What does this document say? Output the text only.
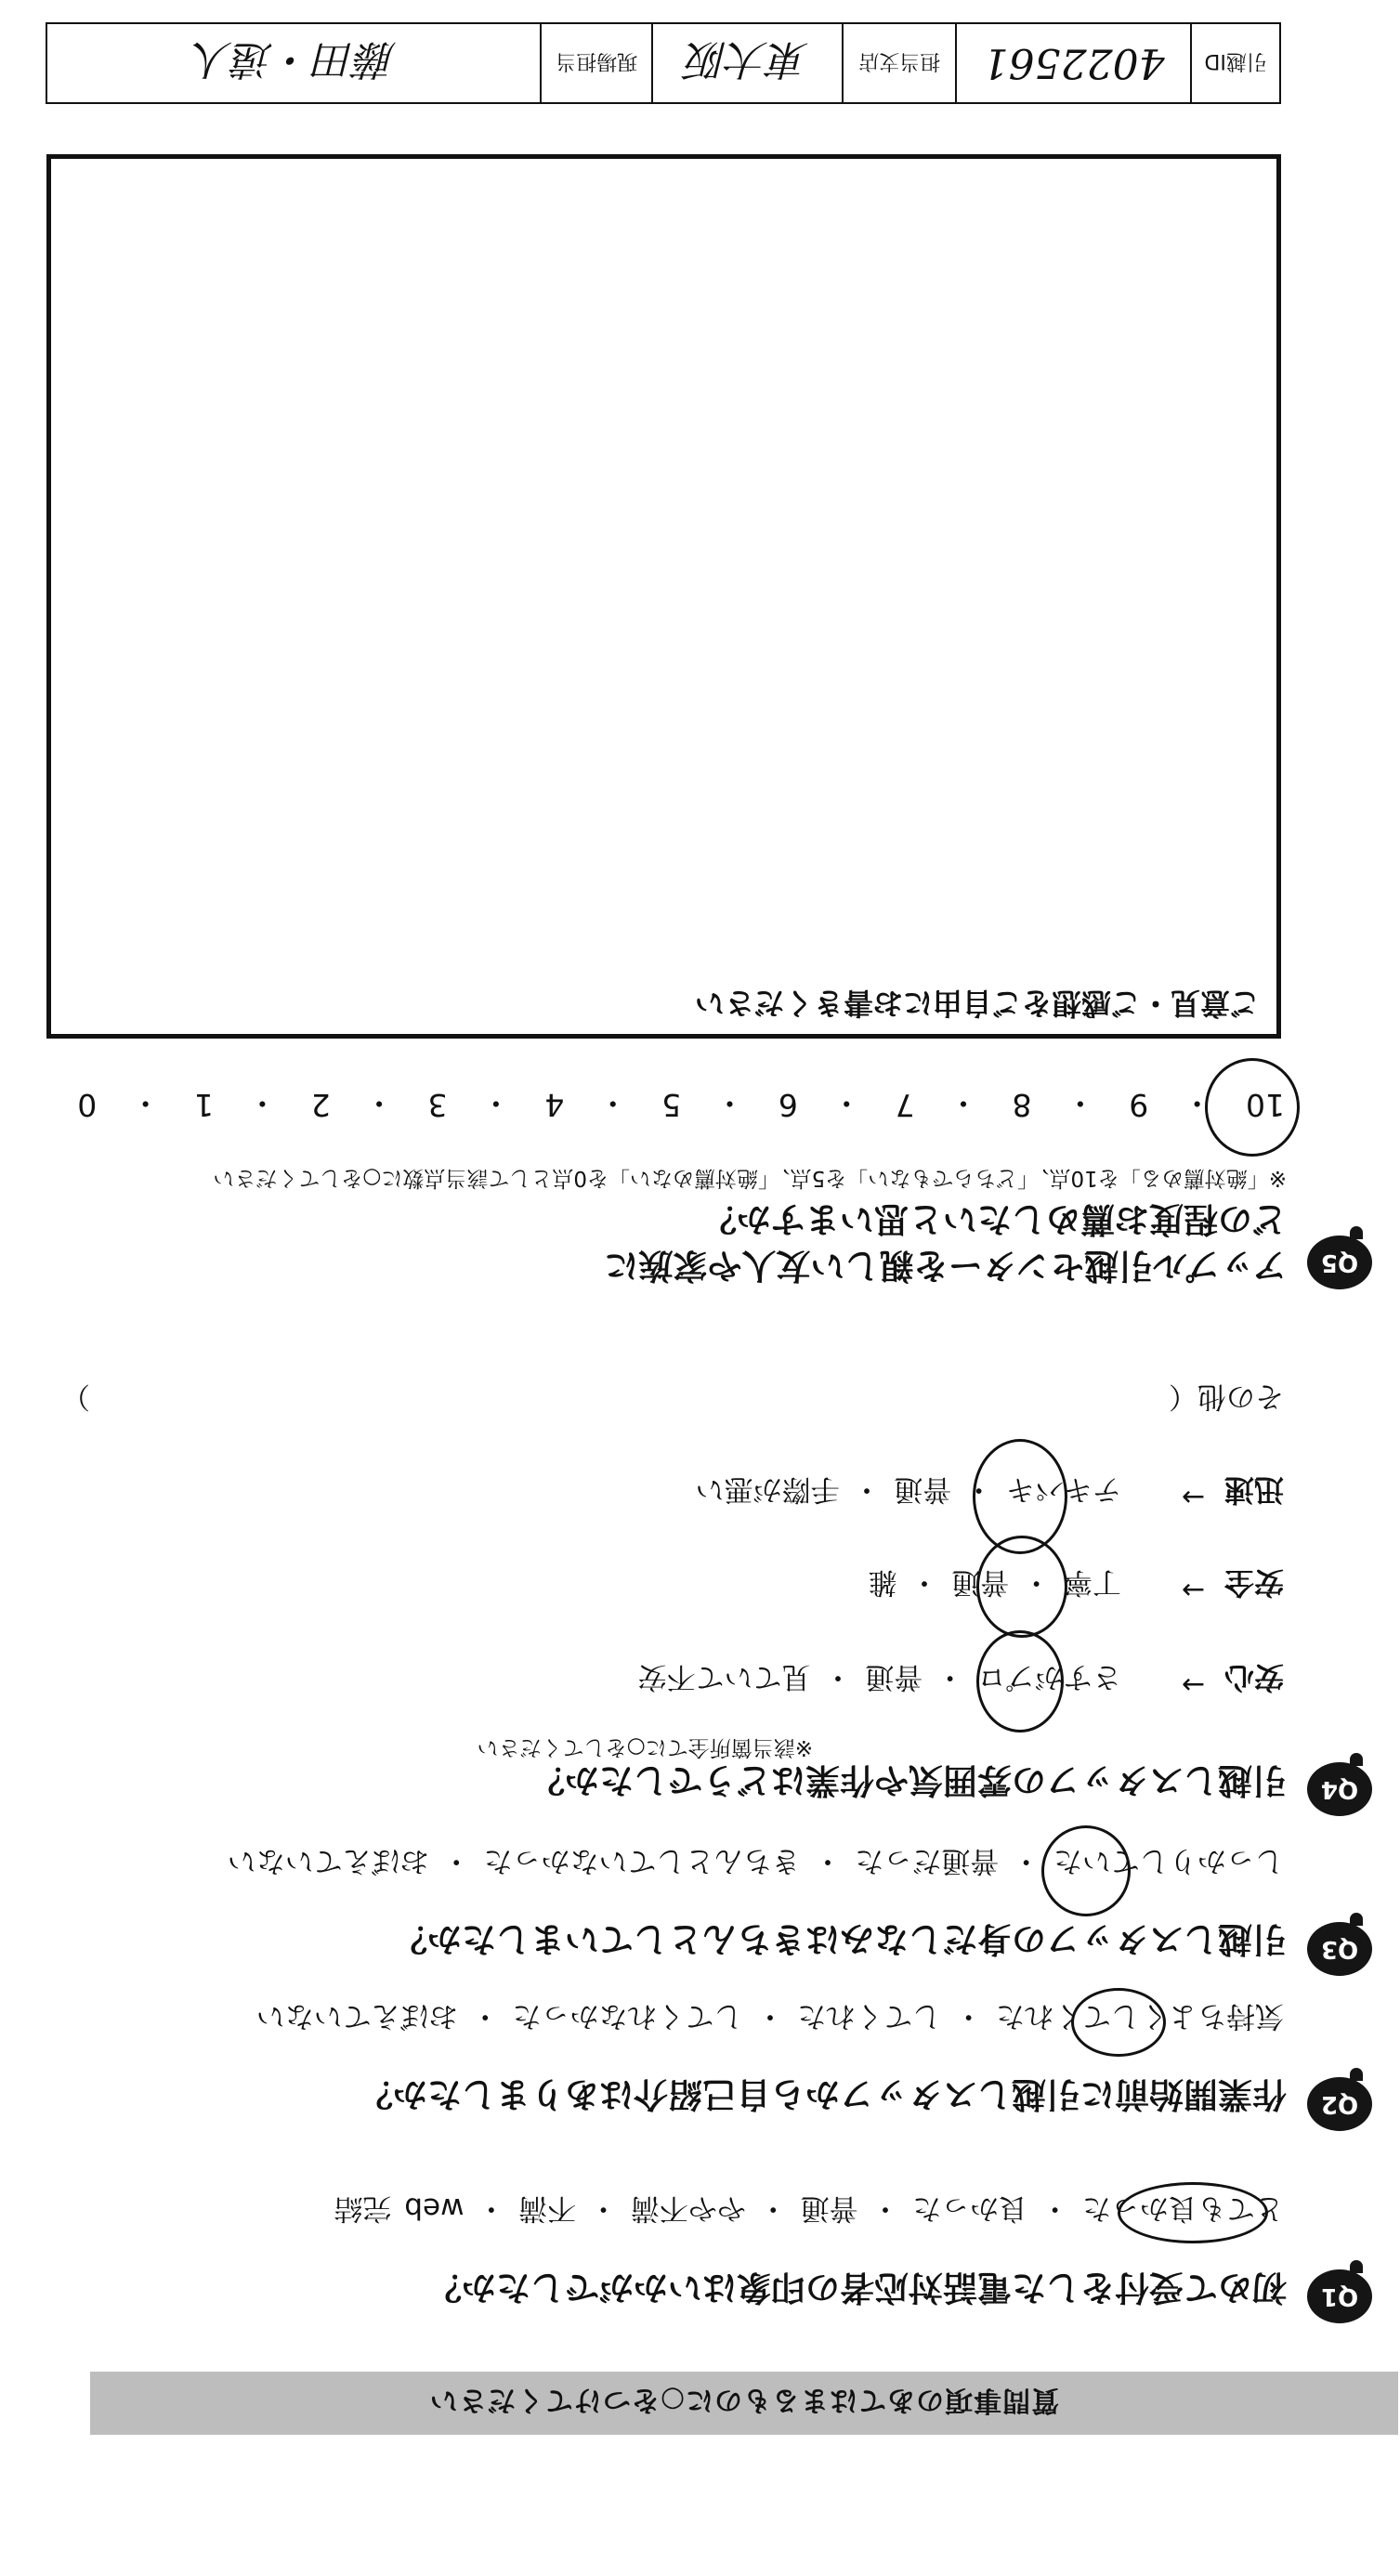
質問事項のあてはまるものに○をつけてください
Q1
初めて受付をした電話対応者の印象はいかがでしたか？
とても良かった ・ 良かった ・ 普通 ・ やや不満 ・ 不満 ・ web 完結
Q2
作業開始前に引越しスタッフから自己紹介はありましたか？
気持ちよくしてくれた ・ してくれた ・ してくれなかった ・ おぼえていない
Q3
引越しスタッフの身だしなみはきちんとしていましたか？
しっかりしていた ・ 普通だった ・ きちんとしていなかった ・ おぼえていない
Q4
引越しスタッフの雰囲気や作業はどうでしたか？
※該当箇所全てに○をしてください
安心
→
さすがプロ ・ 普通 ・ 見ていて不安
安全
→
丁寧 ・ 普通 ・ 雑
迅速
→
テキパキ ・ 普通 ・ 手際が悪い
その他（
）
Q5
アップル引越センターを親しい友人や家族に
どの程度お薦めしたいと思いますか？
※「絶対薦める」を10点、「どちらでもない」を5点、「絶対薦めない」を0点として該当点数に○をしてください
10
・
9
・
8
・
7
・
6
・
5
・
4
・
3
・
2
・
1
・
0
ご意見・ご感想をご自由にお書きください
引越ID
4022561
担当支店
東大阪
現場担当
藤田・遠人
